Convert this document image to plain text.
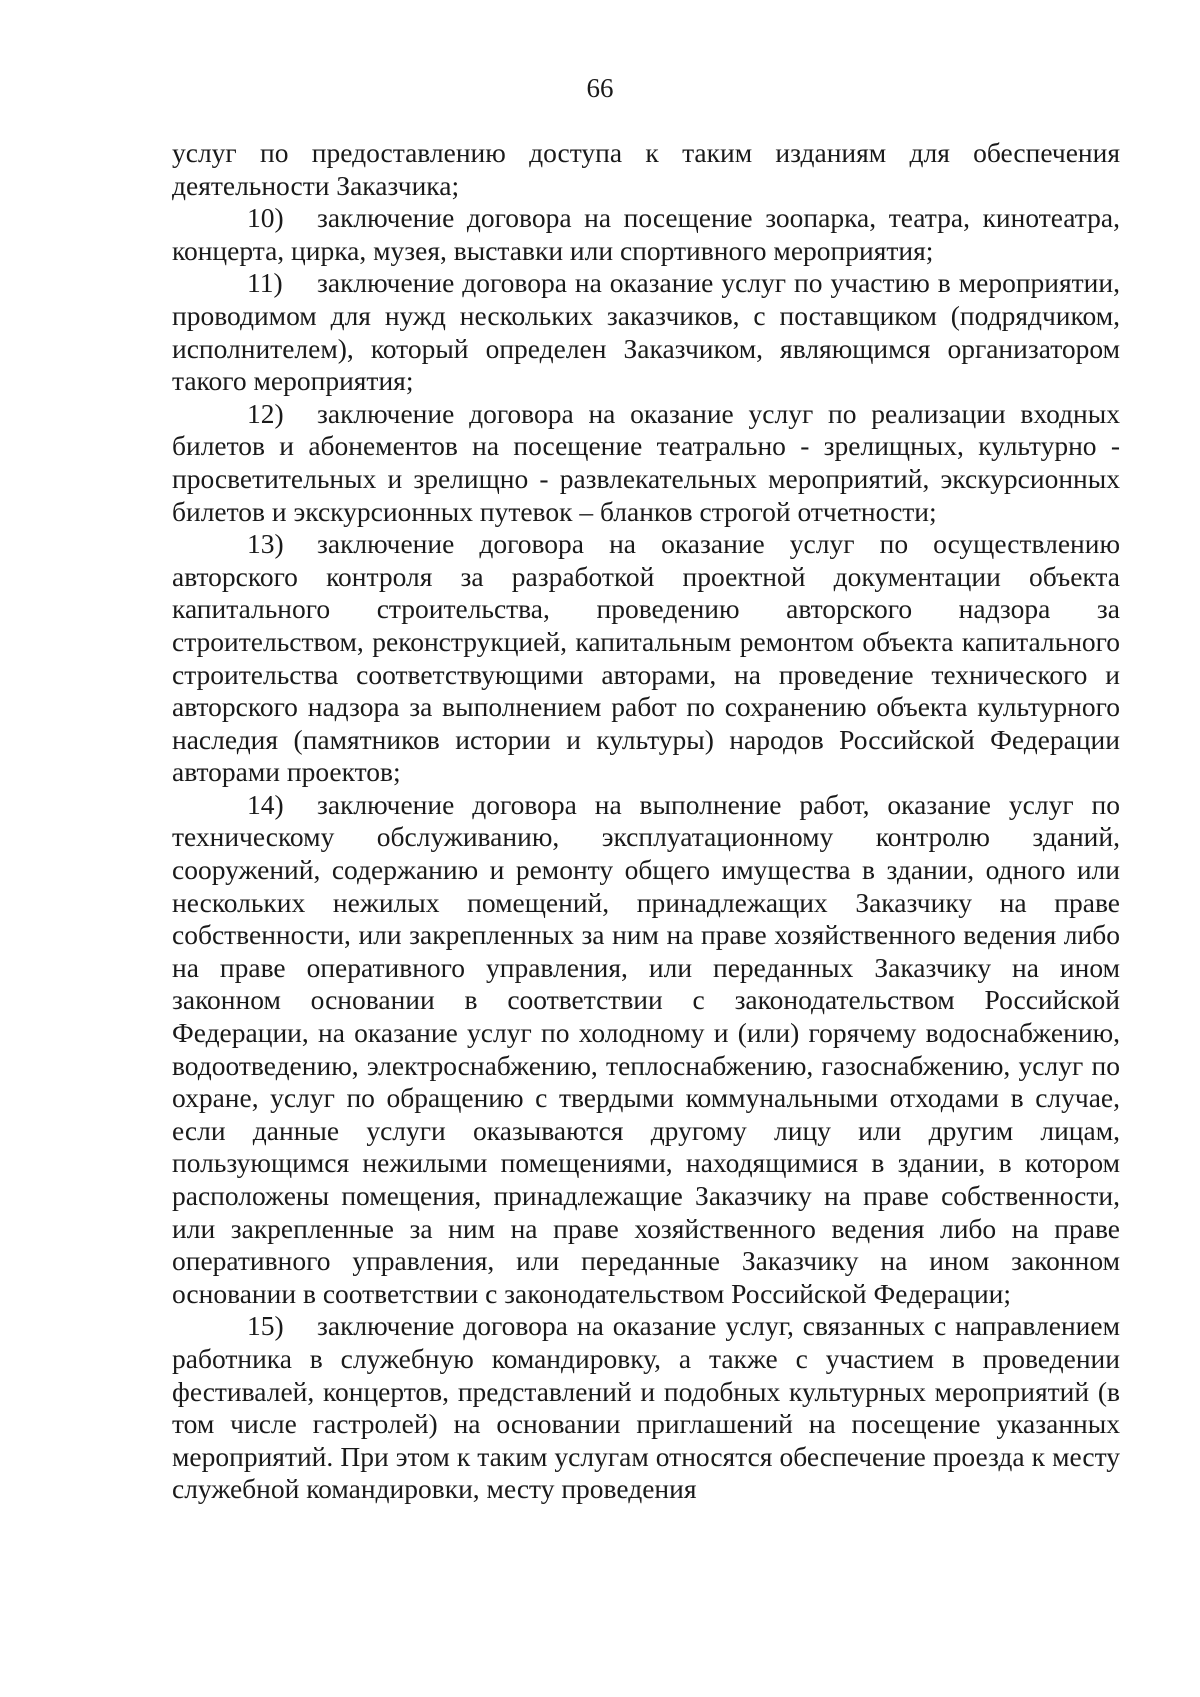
66

услуг по предоставлению доступа к таким изданиям для обеспечения деятельности Заказчика;

10) заключение договора на посещение зоопарка, театра, кинотеатра, концерта, цирка, музея, выставки или спортивного мероприятия;

11) заключение договора на оказание услуг по участию в мероприятии, проводимом для нужд нескольких заказчиков, с поставщиком (подрядчиком, исполнителем), который определен Заказчиком, являющимся организатором такого мероприятия;

12) заключение договора на оказание услуг по реализации входных билетов и абонементов на посещение театрально - зрелищных, культурно - просветительных и зрелищно - развлекательных мероприятий, экскурсионных билетов и экскурсионных путевок – бланков строгой отчетности;

13) заключение договора на оказание услуг по осуществлению авторского контроля за разработкой проектной документации объекта капитального строительства, проведению авторского надзора за строительством, реконструкцией, капитальным ремонтом объекта капитального строительства соответствующими авторами, на проведение технического и авторского надзора за выполнением работ по сохранению объекта культурного наследия (памятников истории и культуры) народов Российской Федерации авторами проектов;

14) заключение договора на выполнение работ, оказание услуг по техническому обслуживанию, эксплуатационному контролю зданий, сооружений, содержанию и ремонту общего имущества в здании, одного или нескольких нежилых помещений, принадлежащих Заказчику на праве собственности, или закрепленных за ним на праве хозяйственного ведения либо на праве оперативного управления, или переданных Заказчику на ином законном основании в соответствии с законодательством Российской Федерации, на оказание услуг по холодному и (или) горячему водоснабжению, водоотведению, электроснабжению, теплоснабжению, газоснабжению, услуг по охране, услуг по обращению с твердыми коммунальными отходами в случае, если данные услуги оказываются другому лицу или другим лицам, пользующимся нежилыми помещениями, находящимися в здании, в котором расположены помещения, принадлежащие Заказчику на праве собственности, или закрепленные за ним на праве хозяйственного ведения либо на праве оперативного управления, или переданные Заказчику на ином законном основании в соответствии с законодательством Российской Федерации;

15) заключение договора на оказание услуг, связанных с направлением работника в служебную командировку, а также с участием в проведении фестивалей, концертов, представлений и подобных культурных мероприятий (в том числе гастролей) на основании приглашений на посещение указанных мероприятий. При этом к таким услугам относятся обеспечение проезда к месту служебной командировки, месту проведения
